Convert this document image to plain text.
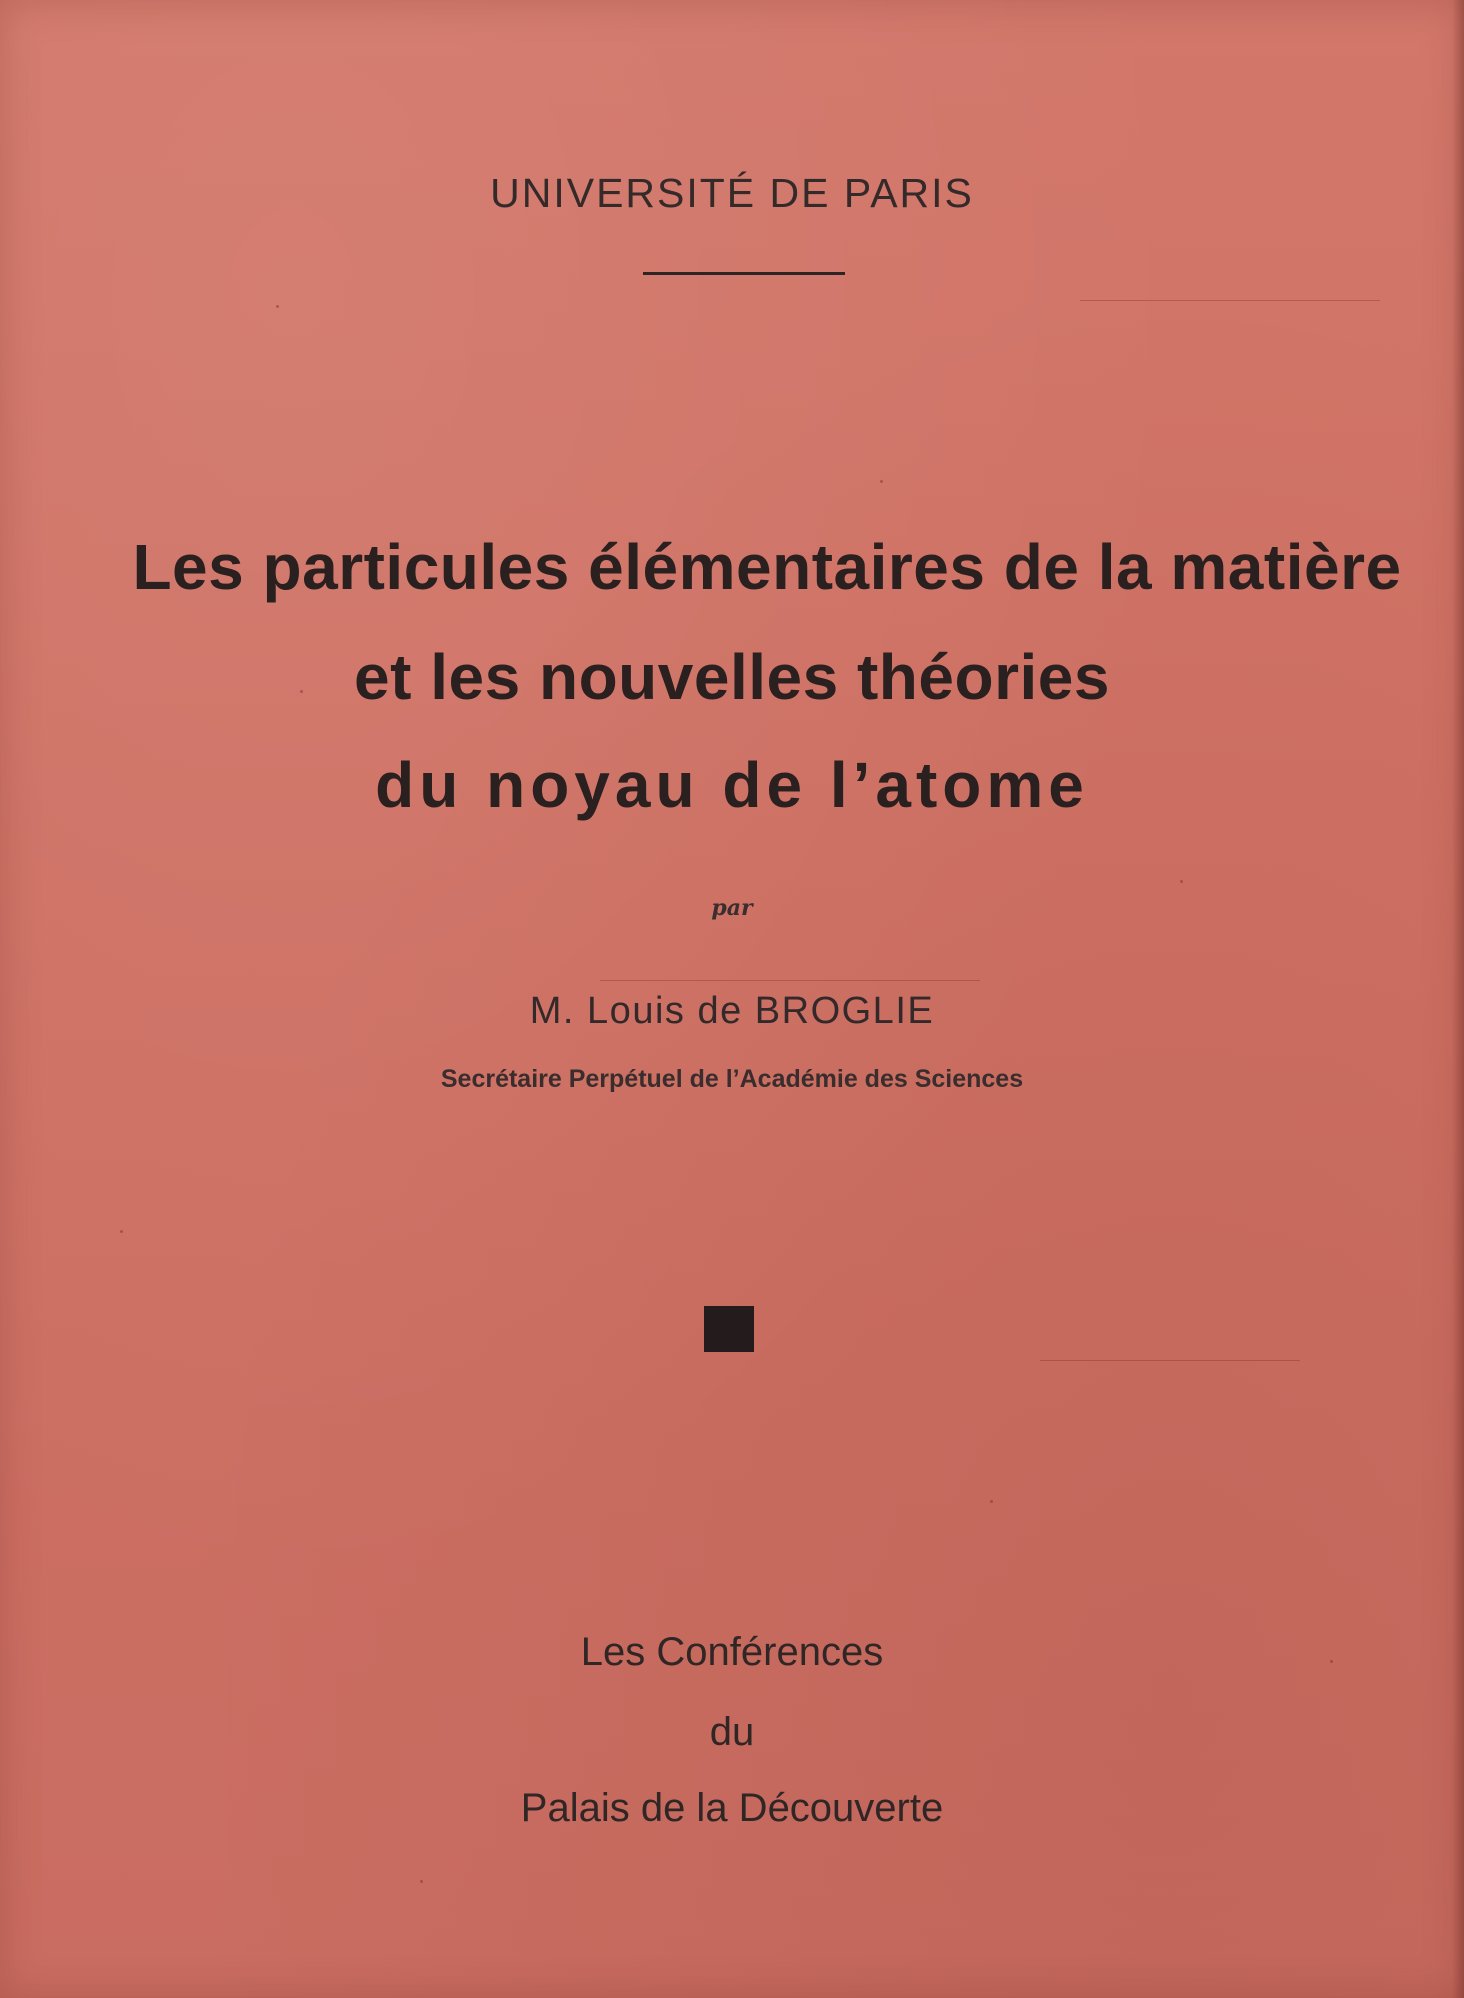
UNIVERSITÉ DE PARIS
Les particules élémentaires de la matière
et les nouvelles théories
du noyau de l’atome
par
M. Louis de BROGLIE
Secrétaire Perpétuel de l’Académie des Sciences
Les Conférences
du
Palais de la Découverte
